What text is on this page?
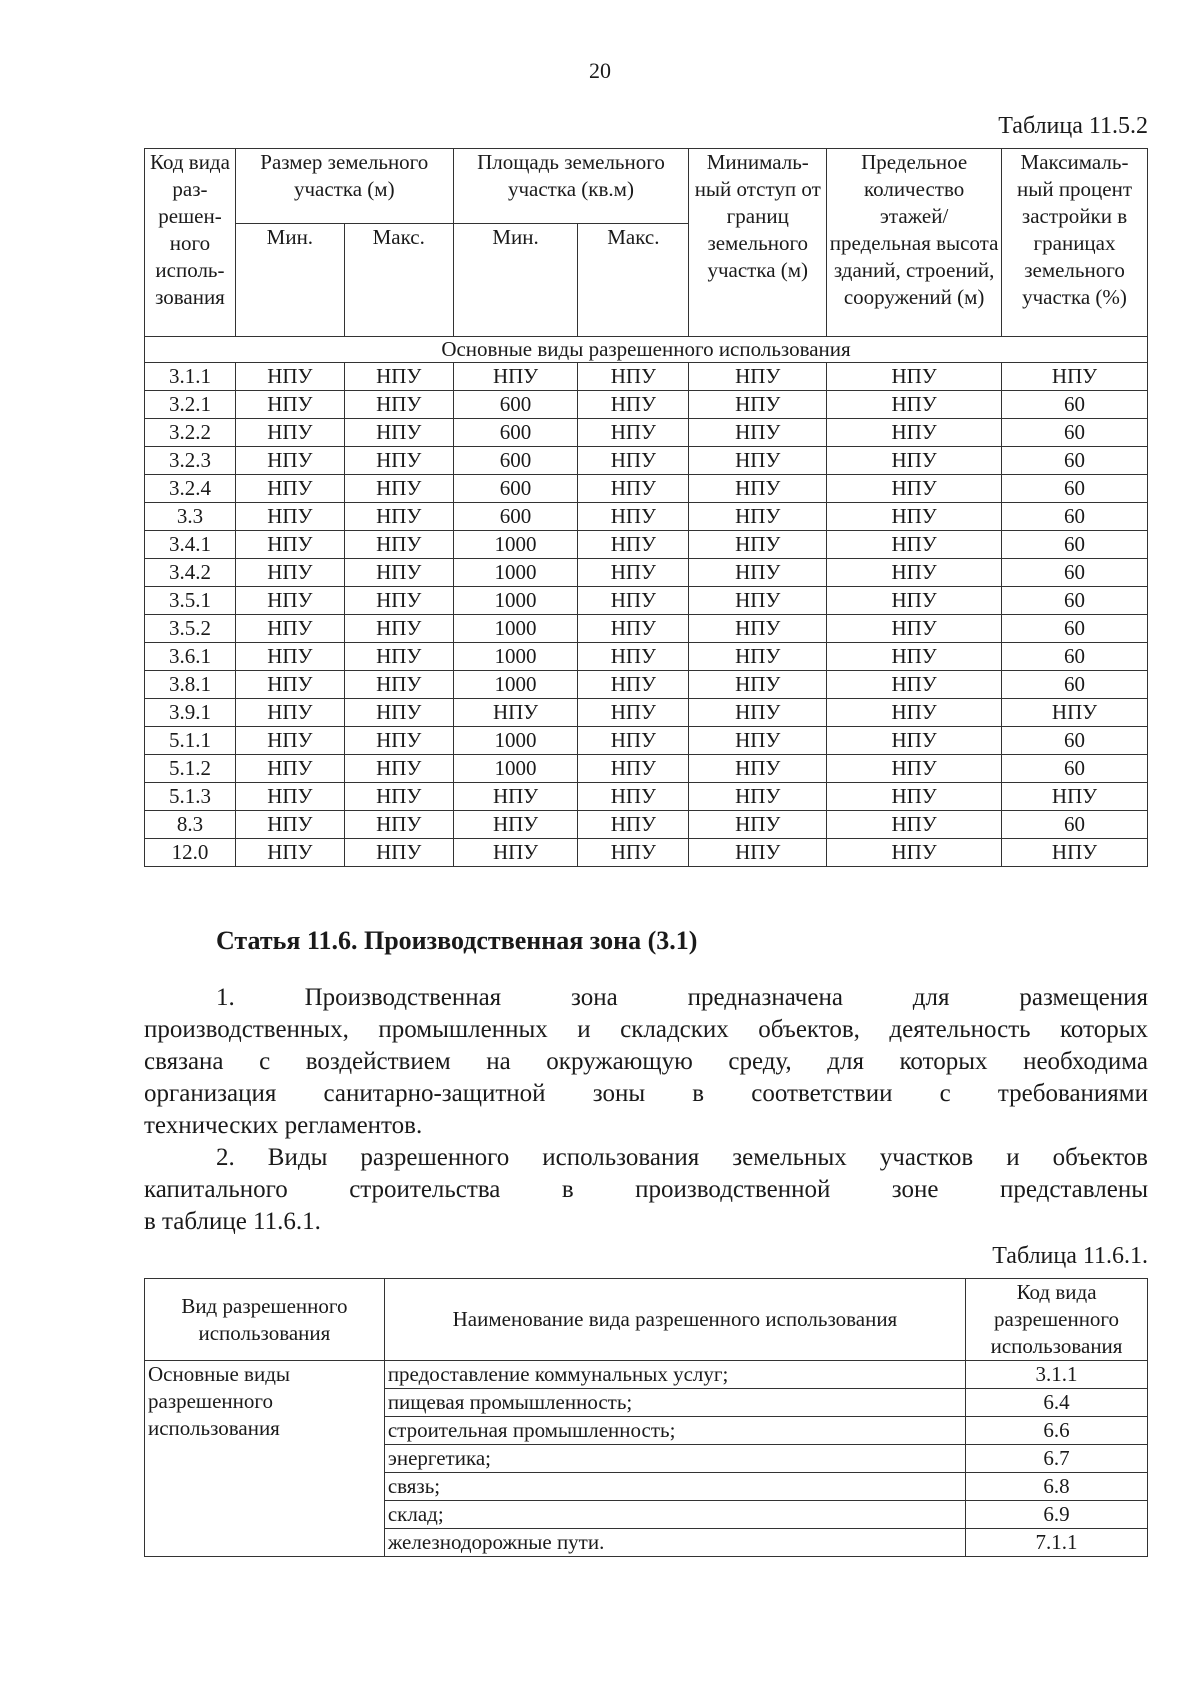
20
Таблица 11.5.2
Код вида раз- решен- ного исполь- зования	Размер земельного участка (м)		Площадь земельного участка (кв.м)		Минималь- ный отступ от границ земельного участка (м)	Предельное количество этажей/ предельная высота зданий, строений, сооружений (м)	Максималь- ный процент застройки в границах земельного участка (%)
	Мин.	Макс.	Мин.	Макс.			
Основные виды разрешенного использования							
3.1.1	НПУ	НПУ	НПУ	НПУ	НПУ	НПУ	НПУ
3.2.1	НПУ	НПУ	600	НПУ	НПУ	НПУ	60
3.2.2	НПУ	НПУ	600	НПУ	НПУ	НПУ	60
3.2.3	НПУ	НПУ	600	НПУ	НПУ	НПУ	60
3.2.4	НПУ	НПУ	600	НПУ	НПУ	НПУ	60
3.3	НПУ	НПУ	600	НПУ	НПУ	НПУ	60
3.4.1	НПУ	НПУ	1000	НПУ	НПУ	НПУ	60
3.4.2	НПУ	НПУ	1000	НПУ	НПУ	НПУ	60
3.5.1	НПУ	НПУ	1000	НПУ	НПУ	НПУ	60
3.5.2	НПУ	НПУ	1000	НПУ	НПУ	НПУ	60
3.6.1	НПУ	НПУ	1000	НПУ	НПУ	НПУ	60
3.8.1	НПУ	НПУ	1000	НПУ	НПУ	НПУ	60
3.9.1	НПУ	НПУ	НПУ	НПУ	НПУ	НПУ	НПУ
5.1.1	НПУ	НПУ	1000	НПУ	НПУ	НПУ	60
5.1.2	НПУ	НПУ	1000	НПУ	НПУ	НПУ	60
5.1.3	НПУ	НПУ	НПУ	НПУ	НПУ	НПУ	НПУ
8.3	НПУ	НПУ	НПУ	НПУ	НПУ	НПУ	60
12.0	НПУ	НПУ	НПУ	НПУ	НПУ	НПУ	НПУ
Статья 11.6. Производственная зона (3.1)
1. Производственная зона предназначена для размещения
производственных, промышленных и складских объектов, деятельность которых
связана с воздействием на окружающую среду, для которых необходима
организация санитарно-защитной зоны в соответствии с требованиями
технических регламентов.
2. Виды разрешенного использования земельных участков и объектов
капитального строительства в производственной зоне представлены
в таблице 11.6.1.
Таблица 11.6.1.
Вид разрешенного использования	Наименование вида разрешенного использования	Код вида разрешенного использования
Основные виды разрешенного использования	предоставление коммунальных услуг;	3.1.1
	пищевая промышленность;	6.4
	строительная промышленность;	6.6
	энергетика;	6.7
	связь;	6.8
	склад;	6.9
	железнодорожные пути.	7.1.1
